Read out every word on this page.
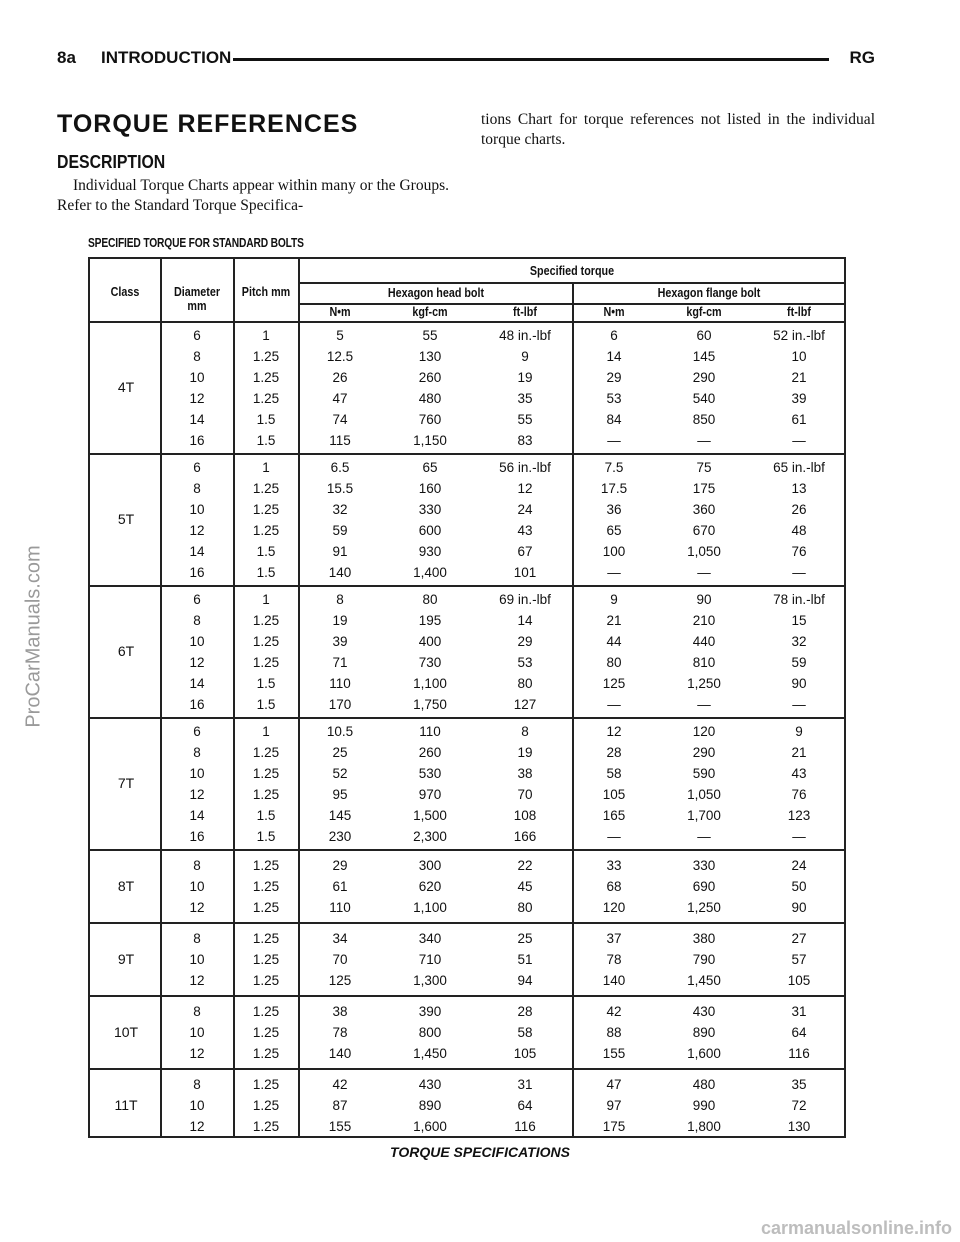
8a INTRODUCTION	RG
TORQUE REFERENCES
DESCRIPTION
Individual Torque Charts appear within many or the Groups. Refer to the Standard Torque Specifica-
tions Chart for torque references not listed in the individual torque charts.
SPECIFIED TORQUE FOR STANDARD BOLTS
Class	Diameter mm
Pitch mm
Specified torque
Hexagon head bolt	Hexagon flange bolt
N•m	kgf-cm	ft-lbf	N•m	kgf-cm	ft-lbf
4T
6	1	5	55	48 in.-lbf	6	60	52 in.-lbf
8	1.25	12.5	130	9	14	145	10
10	1.25	26	260	19	29	290	21
12	1.25	47	480	35	53	540	39
14	1.5	74	760	55	84	850	61
16	1.5	115	1,150	83	—	—	—
5T
6	1	6.5	65	56 in.-lbf	7.5	75	65 in.-lbf
8	1.25	15.5	160	12	17.5	175	13
10	1.25	32	330	24	36	360	26
12	1.25	59	600	43	65	670	48
14	1.5	91	930	67	100	1,050	76
16	1.5	140	1,400	101	—	—	—
6T
6	1	8	80	69 in.-lbf	9	90	78 in.-lbf
8	1.25	19	195	14	21	210	15
10	1.25	39	400	29	44	440	32
12	1.25	71	730	53	80	810	59
14	1.5	110	1,100	80	125	1,250	90
16	1.5	170	1,750	127	—	—	—
7T
6	1	10.5	110	8	12	120	9
8	1.25	25	260	19	28	290	21
10	1.25	52	530	38	58	590	43
12	1.25	95	970	70	105	1,050	76
14	1.5	145	1,500	108	165	1,700	123
16	1.5	230	2,300	166	—	—	—
8T
8	1.25	29	300	22	33	330	24
10	1.25	61	620	45	68	690	50
12	1.25	110	1,100	80	120	1,250	90
9T
8	1.25	34	340	25	37	380	27
10	1.25	70	710	51	78	790	57
12	1.25	125	1,300	94	140	1,450	105
10T
8	1.25	38	390	28	42	430	31
10	1.25	78	800	58	88	890	64
12	1.25	140	1,450	105	155	1,600	116
11T
8	1.25	42	430	31	47	480	35
10	1.25	87	890	64	97	990	72
12	1.25	155	1,600	116	175	1,800	130
TORQUE SPECIFICATIONS
ProCarManuals.com
carmanualsonline.info
